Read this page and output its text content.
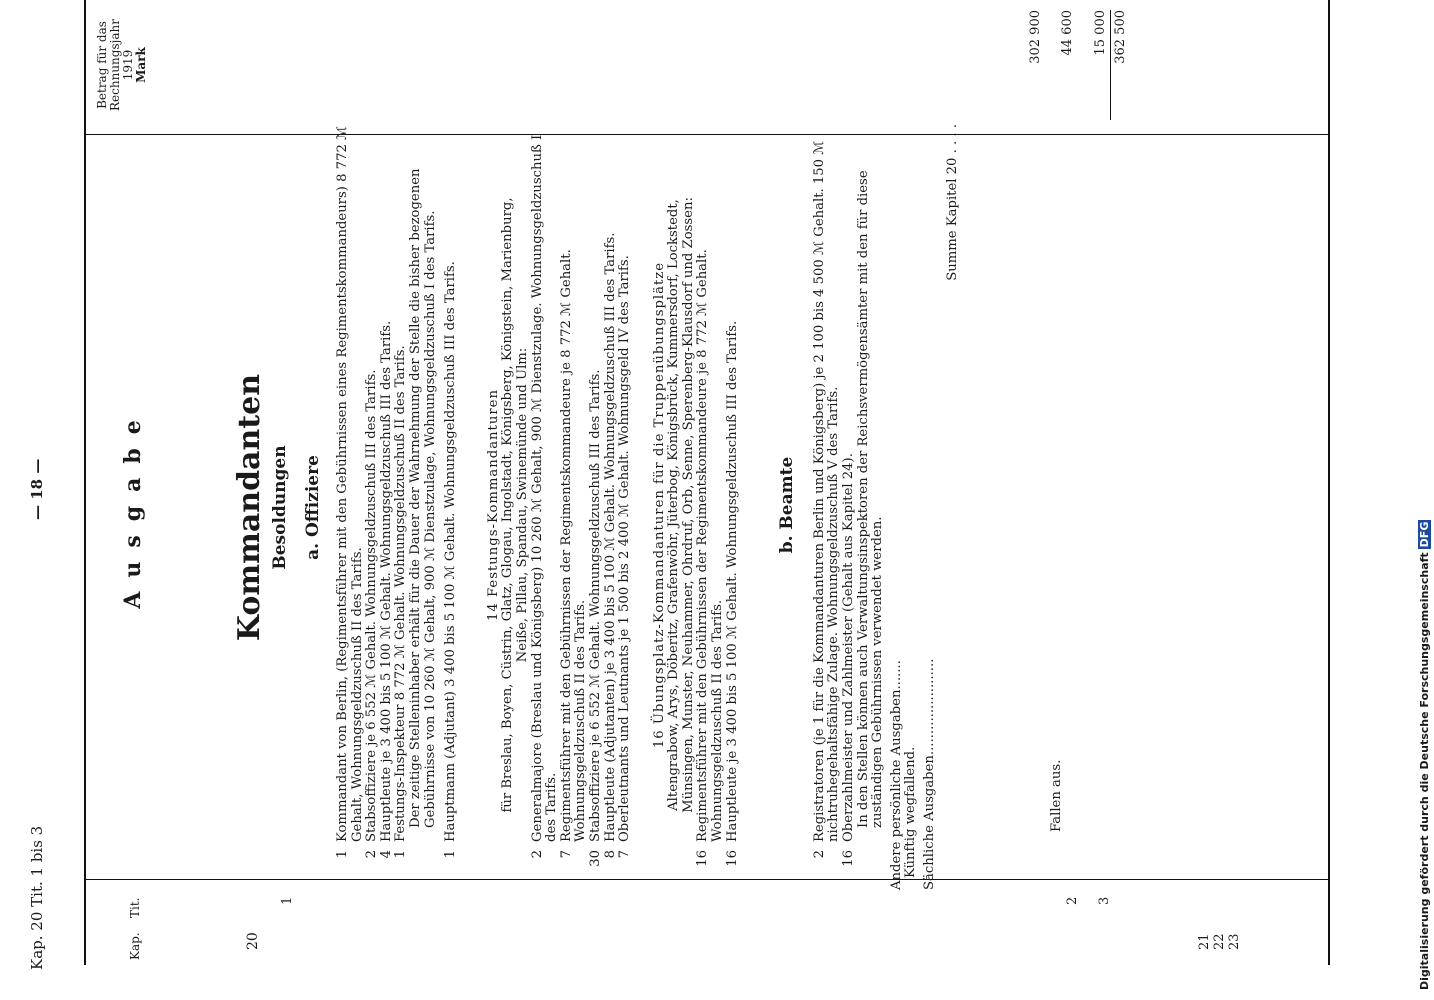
Kap. 20 Tit. 1 bis 3
— 18 —
Kap.
Tit.
Betrag für das Rechnungsjahr 1919 Mark
Ausgabe
20
1
Kommandanten Besoldungen a. Offiziere
1

Kommandant von Berlin, (Regimentsführer mit den Gebührnissen eines Regimentskommandeurs) 8 772 ℳ Gehalt, Wohnungsgeldzuschuß II des Tarifs.

2

Stabsoffiziere je 6 552 ℳ Gehalt. Wohnungsgeldzuschuß III des Tarifs.

4

Hauptleute je 3 400 bis 5 100 ℳ Gehalt. Wohnungsgeldzuschuß III des Tarifs.

1

Festungs-Inspekteur 8 772 ℳ Gehalt. Wohnungsgeldzuschuß II des Tarifs. Der zeitige Stelleninhaber erhält für die Dauer der Wahrnehmung der Stelle die bisher bezogenen Gebührnisse von 10 260 ℳ Gehalt, 900 ℳ Dienstzulage, Wohnungsgeldzuschuß I des Tarifs.

1

Hauptmann (Adjutant) 3 400 bis 5 100 ℳ Gehalt. Wohnungsgeldzuschuß III des Tarifs. 14 Festungs-Kommandanturen für Breslau, Boyen, Cüstrin, Glatz, Glogau, Ingolstadt, Königsberg, Königstein, Marienburg, Neiße, Pillau, Spandau, Swinemünde und Ulm:

2

Generalmajore (Breslau und Königsberg) 10 260 ℳ Gehalt, 900 ℳ Dienstzulage. Wohnungsgeldzuschuß I des Tarifs.

7

Regimentsführer mit den Gebührnissen der Regimentskommandeure je 8 772 ℳ Gehalt. Wohnungsgeldzuschuß II des Tarifs.

30

Stabsoffiziere je 6 552 ℳ Gehalt. Wohnungsgeldzuschuß III des Tarifs.

8

Hauptleute (Adjutanten) je 3 400 bis 5 100 ℳ Gehalt. Wohnungsgeldzuschuß III des Tarifs.

7

Oberleutnants und Leutnants je 1 500 bis 2 400 ℳ Gehalt. Wohnungsgeld IV des Tarifs. 16 Übungsplatz-Kommandanturen für die Truppenübungsplätze Altengrabow, Arys, Döberitz, Grafenwöhr, Jüterbog, Königsbrück, Kummersdorf, Lockstedt, Münsingen, Munster, Neuhammer, Ohrdruf, Orb, Senne, Sperenberg-Klausdorf und Zossen:

16

Regimentsführer mit den Gebührnissen der Regimentskommandeure je 8 772 ℳ Gehalt. Wohnungsgeldzuschuß II des Tarifs.

16

Hauptleute je 3 400 bis 5 100 ℳ Gehalt. Wohnungsgeldzuschuß III des Tarifs. b. Beamte

2

Registratoren (je 1 für die Kommandanturen Berlin und Königsberg) je 2 100 bis 4 500 ℳ Gehalt. 150 ℳ nichtruhegehaltsfähige Zulage. Wohnungsgeldzuschuß V des Tarifs.

16

Oberzahlmeister und Zahlmeister (Gehalt aus Kapitel 24). In den Stellen können auch Verwaltungsinspektoren der Reichsvermögensämter mit den für diese zuständigen Gebührnissen verwendet werden. Andere persönliche Ausgaben....... Künftig wegfallend. Sächliche Ausgaben.......................

Summe Kapitel 20 . . . .

Fallen aus.

2 3
21 22 23
302 900 44 600 15 000 362 500
Digitalisierung gefördert durch die Deutsche ForschungsgemeinschaftDFG
